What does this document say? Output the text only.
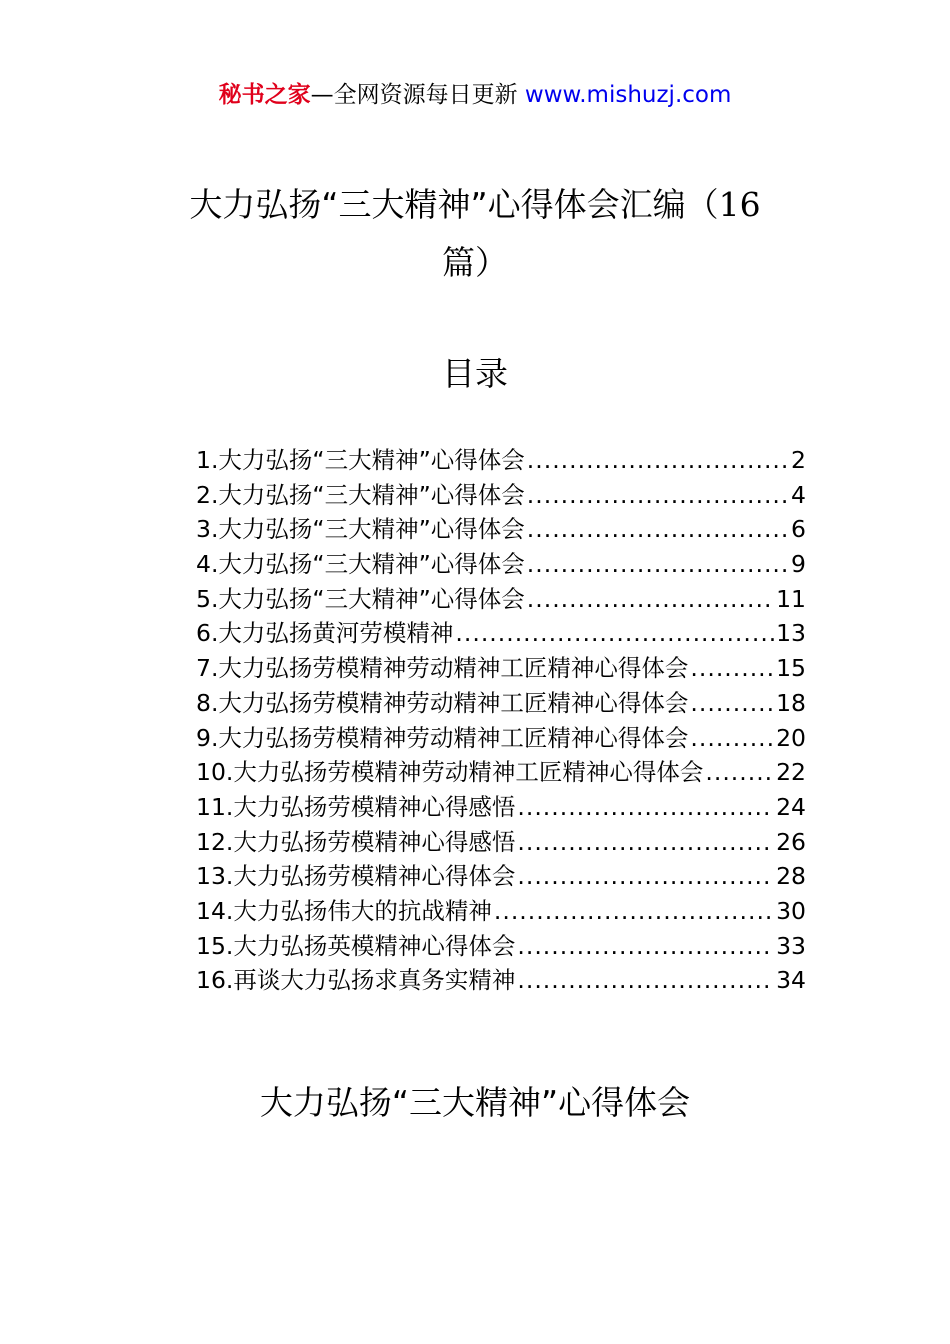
秘书之家—全网资源每日更新 www.mishuzj.com
大力弘扬“三大精神”心得体会汇编（16
篇）
目录
1.大力弘扬“三大精神”心得体会 .....	2
2.大力弘扬“三大精神”心得体会 .....	4
3.大力弘扬“三大精神”心得体会 .....	6
4.大力弘扬“三大精神”心得体会 .....	9
5.大力弘扬“三大精神”心得体会 .....	11
6.大力弘扬黄河劳模精神 .....	13
7.大力弘扬劳模精神劳动精神工匠精神心得体会 .....	15
8.大力弘扬劳模精神劳动精神工匠精神心得体会 .....	18
9.大力弘扬劳模精神劳动精神工匠精神心得体会 .....	20
10.大力弘扬劳模精神劳动精神工匠精神心得体会 .....	22
11.大力弘扬劳模精神心得感悟 .....	24
12.大力弘扬劳模精神心得感悟 .....	26
13.大力弘扬劳模精神心得体会 .....	28
14.大力弘扬伟大的抗战精神 .....	30
15.大力弘扬英模精神心得体会 .....	33
16.再谈大力弘扬求真务实精神 .....	34
大力弘扬“三大精神”心得体会
